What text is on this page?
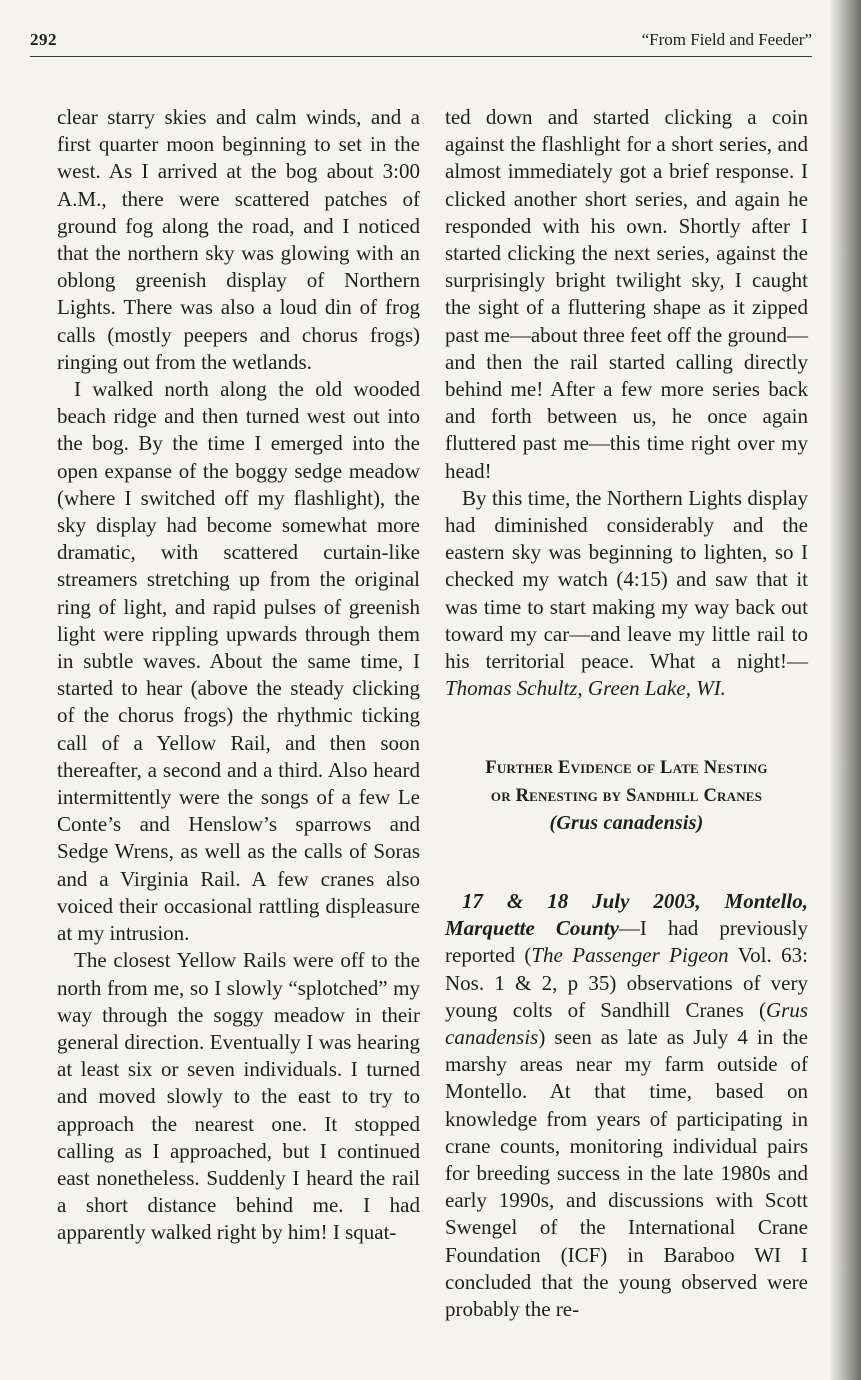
292	“From Field and Feeder”

clear starry skies and calm winds, and a first quarter moon beginning to set in the west. As I arrived at the bog about 3:00 A.M., there were scattered patches of ground fog along the road, and I noticed that the northern sky was glowing with an oblong greenish display of Northern Lights. There was also a loud din of frog calls (mostly peepers and chorus frogs) ringing out from the wetlands.

I walked north along the old wooded beach ridge and then turned west out into the bog. By the time I emerged into the open expanse of the boggy sedge meadow (where I switched off my flashlight), the sky display had become somewhat more dramatic, with scattered curtain-like streamers stretching up from the original ring of light, and rapid pulses of greenish light were rippling upwards through them in subtle waves. About the same time, I started to hear (above the steady clicking of the chorus frogs) the rhythmic ticking call of a Yellow Rail, and then soon thereafter, a second and a third. Also heard intermittently were the songs of a few Le Conte’s and Henslow’s sparrows and Sedge Wrens, as well as the calls of Soras and a Virginia Rail. A few cranes also voiced their occasional rattling displeasure at my intrusion.

The closest Yellow Rails were off to the north from me, so I slowly “splotched” my way through the soggy meadow in their general direction. Eventually I was hearing at least six or seven individuals. I turned and moved slowly to the east to try to approach the nearest one. It stopped calling as I approached, but I continued east nonetheless. Suddenly I heard the rail a short distance behind me. I had apparently walked right by him! I squat-

ted down and started clicking a coin against the flashlight for a short series, and almost immediately got a brief response. I clicked another short series, and again he responded with his own. Shortly after I started clicking the next series, against the surprisingly bright twilight sky, I caught the sight of a fluttering shape as it zipped past me—about three feet off the ground—and then the rail started calling directly behind me! After a few more series back and forth between us, he once again fluttered past me—this time right over my head!

By this time, the Northern Lights display had diminished considerably and the eastern sky was beginning to lighten, so I checked my watch (4:15) and saw that it was time to start making my way back out toward my car—and leave my little rail to his territorial peace. What a night!—Thomas Schultz, Green Lake, WI.

Further Evidence of Late Nesting
or Renesting by Sandhill Cranes
(Grus canadensis)

17 & 18 July 2003, Montello, Marquette County—I had previously reported (The Passenger Pigeon Vol. 63: Nos. 1 & 2, p 35) observations of very young colts of Sandhill Cranes (Grus canadensis) seen as late as July 4 in the marshy areas near my farm outside of Montello. At that time, based on knowledge from years of participating in crane counts, monitoring individual pairs for breeding success in the late 1980s and early 1990s, and discussions with Scott Swengel of the International Crane Foundation (ICF) in Baraboo WI I concluded that the young observed were probably the re-
